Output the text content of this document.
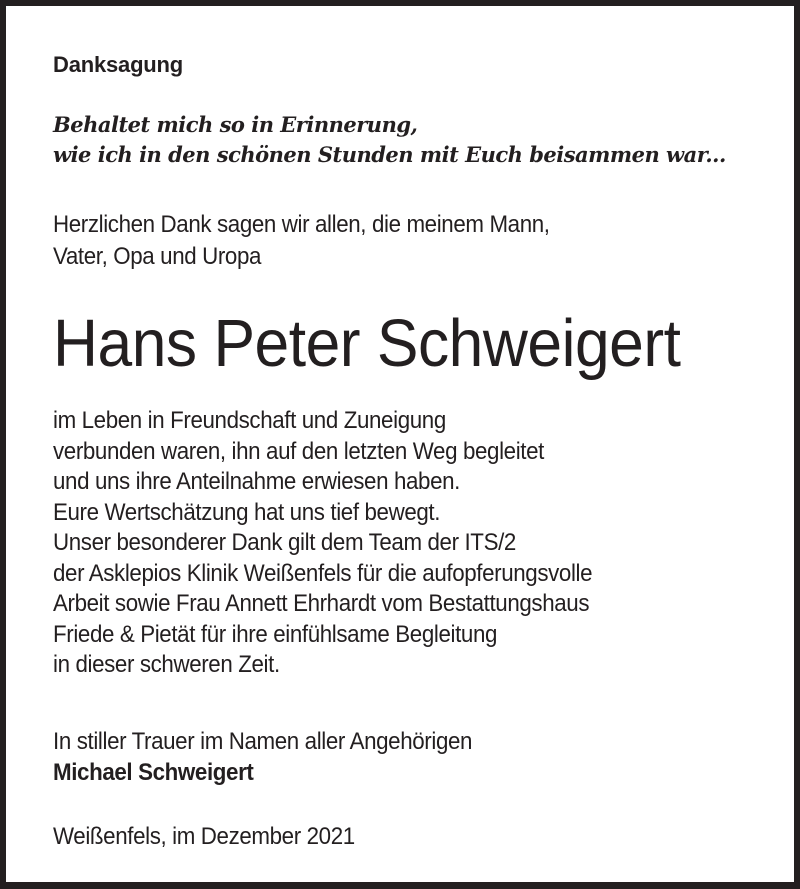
Danksagung
Behaltet mich so in Erinnerung,
wie ich in den schönen Stunden mit Euch beisammen war...
Herzlichen Dank sagen wir allen, die meinem Mann,
Vater, Opa und Uropa
Hans Peter Schweigert
im Leben in Freundschaft und Zuneigung
verbunden waren, ihn auf den letzten Weg begleitet
und uns ihre Anteilnahme erwiesen haben.
Eure Wertschätzung hat uns tief bewegt.
Unser besonderer Dank gilt dem Team der ITS/2
der Asklepios Klinik Weißenfels für die aufopferungsvolle
Arbeit sowie Frau Annett Ehrhardt vom Bestattungshaus
Friede & Pietät für ihre einfühlsame Begleitung
in dieser schweren Zeit.
In stiller Trauer im Namen aller Angehörigen
Michael Schweigert
Weißenfels, im Dezember 2021
